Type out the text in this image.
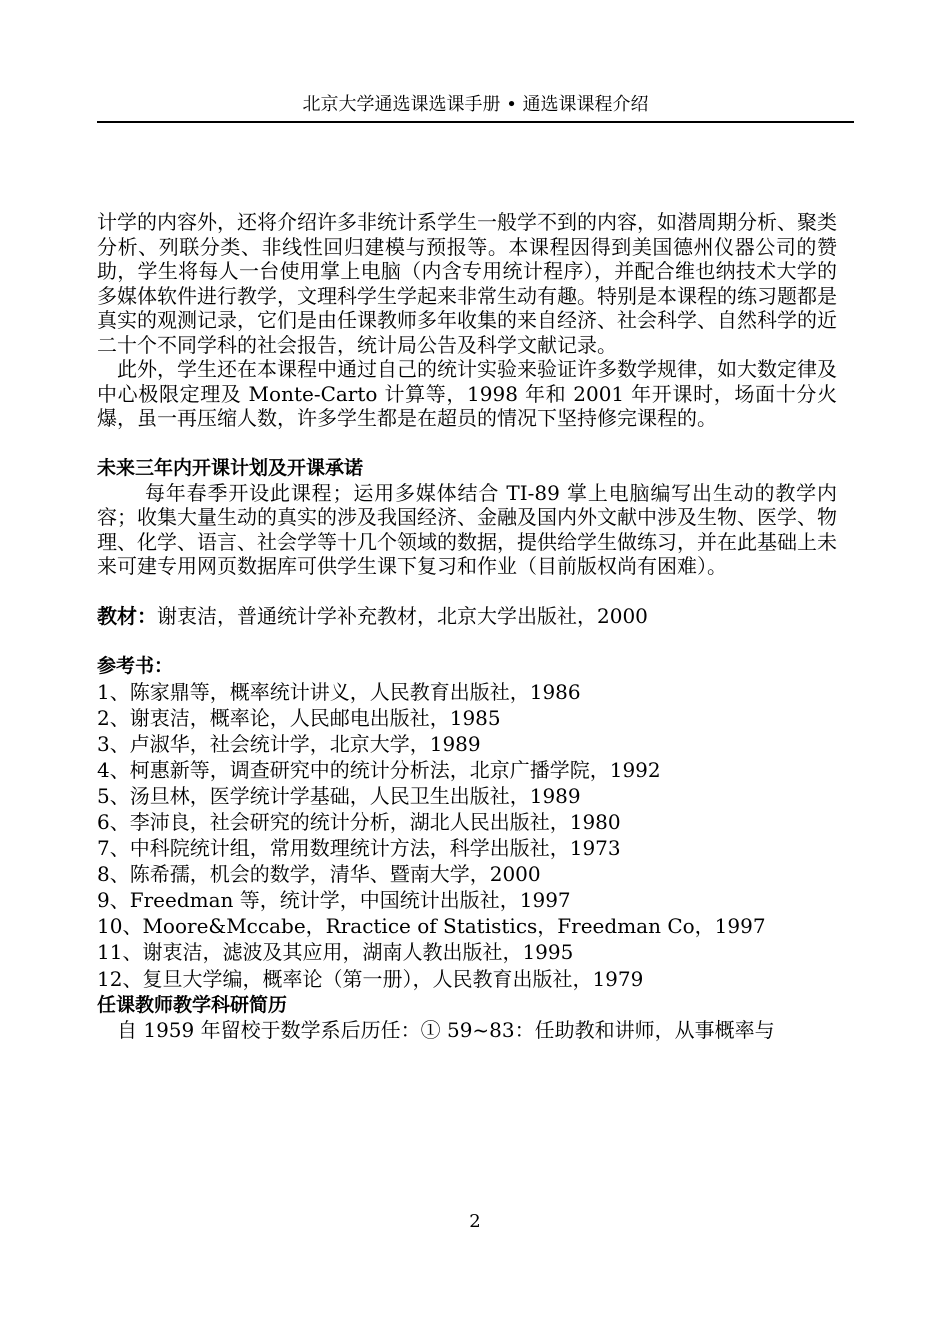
北京大学通选课选课手册 • 通选课课程介绍

计学的内容外，还将介绍许多非统计系学生一般学不到的内容，如潜周期分析、聚类分析、列联分类、非线性回归建模与预报等。本课程因得到美国德州仪器公司的赞助，学生将每人一台使用掌上电脑（内含专用统计程序），并配合维也纳技术大学的多媒体软件进行教学，文理科学生学起来非常生动有趣。特别是本课程的练习题都是真实的观测记录，它们是由任课教师多年收集的来自经济、社会科学、自然科学的近二十个不同学科的社会报告，统计局公告及科学文献记录。

此外，学生还在本课程中通过自己的统计实验来验证许多数学规律，如大数定律及中心极限定理及 Monte-Carto 计算等，1998 年和 2001 年开课时，场面十分火爆，虽一再压缩人数，许多学生都是在超员的情况下坚持修完课程的。

未来三年内开课计划及开课承诺

每年春季开设此课程；运用多媒体结合 TI-89 掌上电脑编写出生动的教学内容；收集大量生动的真实的涉及我国经济、金融及国内外文献中涉及生物、医学、物理、化学、语言、社会学等十几个领域的数据，提供给学生做练习，并在此基础上未来可建专用网页数据库可供学生课下复习和作业（目前版权尚有困难）。

教材：谢衷洁，普通统计学补充教材，北京大学出版社，2000

参考书：

1、陈家鼎等，概率统计讲义，人民教育出版社，1986
2、谢衷洁，概率论，人民邮电出版社，1985
3、卢淑华，社会统计学，北京大学，1989
4、柯惠新等，调查研究中的统计分析法，北京广播学院，1992
5、汤旦林，医学统计学基础，人民卫生出版社，1989
6、李沛良，社会研究的统计分析，湖北人民出版社，1980
7、中科院统计组，常用数理统计方法，科学出版社，1973
8、陈希孺，机会的数学，清华、暨南大学，2000
9、Freedman 等，统计学，中国统计出版社，1997
10、Moore&Mccabe，Rractice of Statistics，Freedman Co，1997
11、谢衷洁，滤波及其应用，湖南人教出版社，1995
12、复旦大学编，概率论（第一册），人民教育出版社，1979

任课教师教学科研简历

自 1959 年留校于数学系后历任：① 59~83：任助教和讲师，从事概率与

2
